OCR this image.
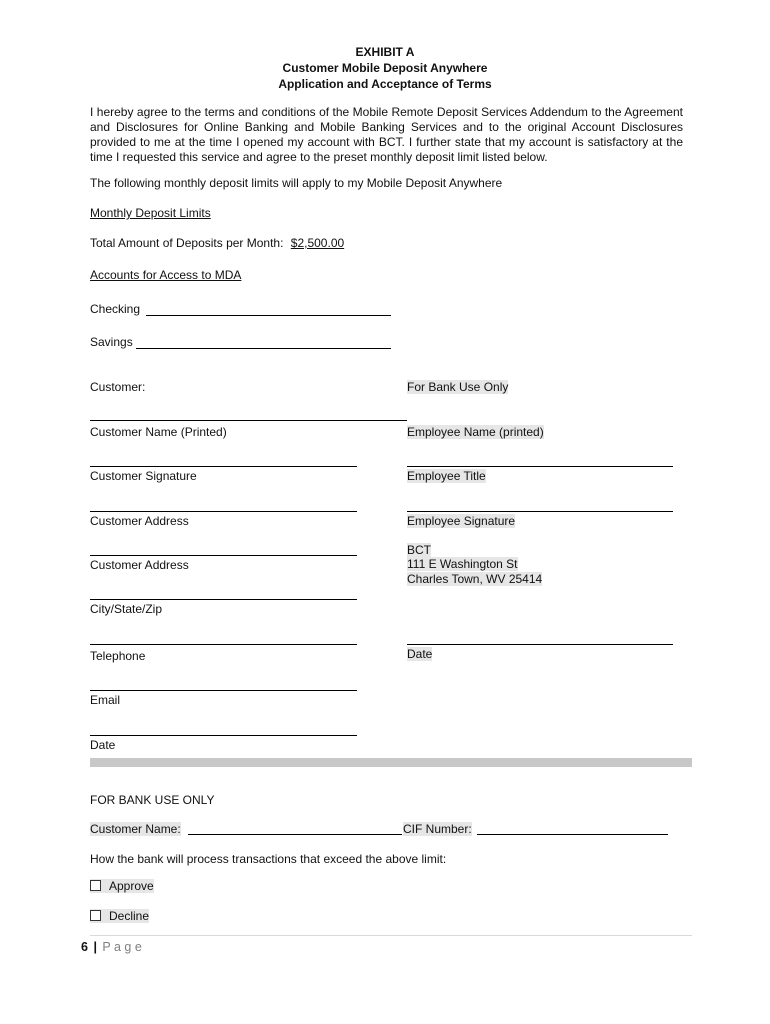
EXHIBIT A
Customer Mobile Deposit Anywhere
Application and Acceptance of Terms
I hereby agree to the terms and conditions of the Mobile Remote Deposit Services Addendum to the Agreement and Disclosures for Online Banking and Mobile Banking Services and to the original Account Disclosures provided to me at the time I opened my account with BCT. I further state that my account is satisfactory at the time I requested this service and agree to the preset monthly deposit limit listed below.
The following monthly deposit limits will apply to my Mobile Deposit Anywhere
Monthly Deposit Limits
Total Amount of Deposits per Month: $2,500.00
Accounts for Access to MDA
Checking
Savings
Customer:
Customer Name (Printed)
Customer Signature
Customer Address
Customer Address
City/State/Zip
Telephone
Email
Date
For Bank Use Only
Employee Name (printed)
Employee Title
Employee Signature
BCT
111 E Washington St
Charles Town, WV 25414
Date
FOR BANK USE ONLY
Customer Name:	CIF Number:
How the bank will process transactions that exceed the above limit:
Approve
Decline
6 | P a g e
